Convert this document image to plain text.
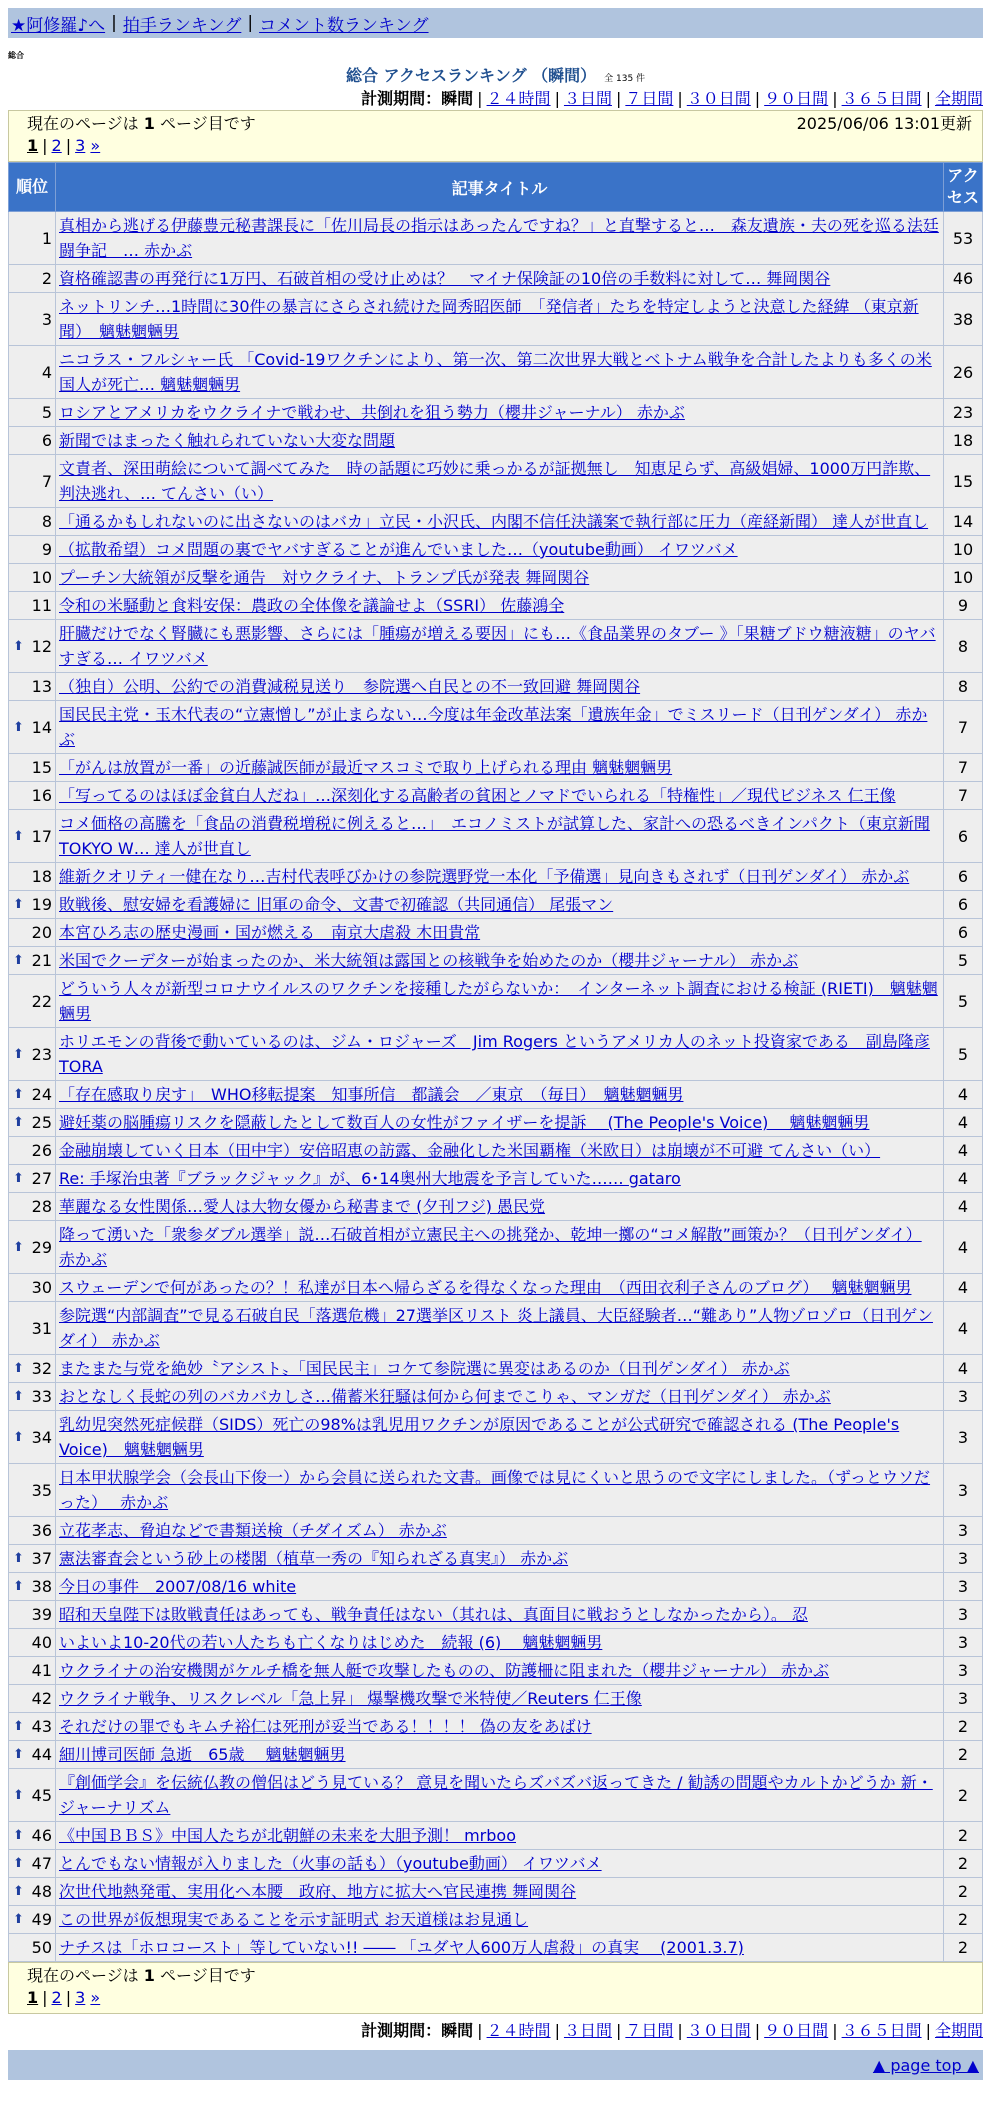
★阿修羅♪へ | 拍手ランキング | コメント数ランキング
総合
総合 アクセスランキング （瞬間） 全 135 件
計測期間：瞬間 | ２４時間 | ３日間 | ７日間 | ３０日間 | ９０日間 | ３６５日間 | 全期間
現在のページは 1 ページ目です	2025/06/06 13:01更新
1 | 2 | 3 »
順位	記事タイトル	アクセス
1	真相から逃げる伊藤豊元秘書課長に「佐川局長の指示はあったんですね？」と直撃すると…　森友遺族・夫の死を巡る法廷闘争記　… 赤かぶ	53
2	資格確認書の再発行に1万円、石破首相の受け止めは？　マイナ保険証の10倍の手数料に対して… 舞岡関谷	46
3	ネットリンチ…1時間に30件の暴言にさらされ続けた岡秀昭医師　「発信者」たちを特定しようと決意した経緯 （東京新聞）　魑魅魍魎男	38
4	ニコラス・フルシャー氏 「Covid-19ワクチンにより、第一次、第二次世界大戦とベトナム戦争を合計したよりも多くの米国人が死亡… 魑魅魍魎男	26
5	ロシアとアメリカをウクライナで戦わせ、共倒れを狙う勢力（櫻井ジャーナル） 赤かぶ	23
6	新聞ではまったく触れられていない大変な問題	18
7	文責者、深田萌絵について調べてみた　時の話題に巧妙に乗っかるが証拠無し　知恵足らず、高級娼婦、1000万円詐欺、判決逃れ、… てんさい（い）	15
8	「通るかもしれないのに出さないのはバカ」立民・小沢氏、内閣不信任決議案で執行部に圧力（産経新聞） 達人が世直し	14
9	（拡散希望）コメ問題の裏でヤバすぎることが進んでいました…（youtube動画） イワツバメ	10
10	プーチン大統領が反撃を通告　対ウクライナ、トランプ氏が発表 舞岡関谷	10
11	令和の米騒動と食料安保：農政の全体像を議論せよ（SSRI） 佐藤鴻全	9

⬆ 12	肝臓だけでなく腎臓にも悪影響、さらには「腫瘍が増える要因」にも…《食品業界のタブー 》「果糖ブドウ糖液糖」のヤバすぎる… イワツバメ	8
13	（独自）公明、公約での消費減税見送り　参院選へ自民との不一致回避 舞岡関谷	8

⬆ 14	国民民主党・玉木代表の“立憲憎し”が止まらない…今度は年金改革法案「遺族年金」でミスリード（日刊ゲンダイ） 赤かぶ	7
15	「がんは放置が一番」の近藤誠医師が最近マスコミで取り上げられる理由 魑魅魍魎男	7
16	「写ってるのはほぼ金貧白人だね」…深刻化する高齢者の貧困とノマドでいられる「特権性」／現代ビジネス 仁王像	7

⬆ 17	コメ価格の高騰を「食品の消費税増税に例えると…」　エコノミストが試算した、家計への恐るべきインパクト（東京新聞TOKYO W… 達人が世直し	6
18	維新クオリティ一健在なり…吉村代表呼びかけの参院選野党一本化「予備選」見向きもされず（日刊ゲンダイ） 赤かぶ	6

⬆ 19	敗戦後、慰安婦を看護婦に 旧軍の命令、文書で初確認（共同通信） 尾張マン	6
20	本宮ひろ志の歴史漫画・国が燃える　南京大虐殺 木田貴常	6

⬆ 21	米国でクーデターが始まったのか、米大統領は露国との核戦争を始めたのか（櫻井ジャーナル） 赤かぶ	5
22	どういう人々が新型コロナウイルスのワクチンを接種したがらないか：　インターネット調査における検証 (RIETI)　魑魅魍魎男	5

⬆ 23	ホリエモンの背後で動いているのは、ジム・ロジャーズ　Jim Rogers というアメリカ人のネット投資家である　副島隆彦 TORA	5

⬆ 24	「存在感取り戻す」　WHO移転提案　知事所信　都議会　／東京　（毎日）　魑魅魍魎男	4

⬆ 25	避妊薬の脳腫瘍リスクを隠蔽したとして数百人の女性がファイザーを提訴　 (The People's Voice)　 魑魅魍魎男	4
26	金融崩壊していく日本（田中宇）安倍昭恵の訪露、金融化した米国覇権（米欧日）は崩壊が不可避 てんさい（い）	4

⬆ 27	Re: 手塚治虫著『ブラックジャック』が、6･14奥州大地震を予言していた…… gataro	4
28	華麗なる女性関係…愛人は大物女優から秘書まで (夕刊フジ) 愚民党	4

⬆ 29	降って湧いた「衆参ダブル選挙」説…石破首相が立憲民主への挑発か、乾坤一擲の“コメ解散”画策か？（日刊ゲンダイ） 赤かぶ	4
30	スウェーデンで何があったの？！私達が日本へ帰らざるを得なくなった理由　（西田衣利子さんのブログ）　 魑魅魍魎男	4
31	参院選“内部調査”で見る石破自民「落選危機」27選挙区リスト 炎上議員、大臣経験者…“難あり”人物ゾロゾロ（日刊ゲンダイ） 赤かぶ	4

⬆ 32	またまた与党を絶妙〝アシスト〟「国民民主」コケて参院選に異変はあるのか（日刊ゲンダイ） 赤かぶ	4

⬆ 33	おとなしく長蛇の列のバカバカしさ…備蓄米狂騒は何から何までこりゃ、マンガだ（日刊ゲンダイ） 赤かぶ	3

⬆ 34	乳幼児突然死症候群（SIDS）死亡の98%は乳児用ワクチンが原因であることが公式研究で確認される (The People's Voice)　魑魅魍魎男	3
35	日本甲状腺学会（会長山下俊一）から会員に送られた文書。画像では見にくいと思うので文字にしました。（ずっとウソだった）　 赤かぶ	3
36	立花孝志、脅迫などで書類送検（チダイズム） 赤かぶ	3

⬆ 37	憲法審査会という砂上の楼閣（植草一秀の『知られざる真実』） 赤かぶ	3

⬆ 38	今日の事件　2007/08/16 white	3
39	昭和天皇陛下は敗戦責任はあっても、戦争責任はない（其れは、真面目に戦おうとしなかったから）。 忍	3
40	いよいよ10-20代の若い人たちも亡くなりはじめた　続報 (6)　 魑魅魍魎男	3
41	ウクライナの治安機関がケルチ橋を無人艇で攻撃したものの、防護柵に阻まれた（櫻井ジャーナル） 赤かぶ	3
42	ウクライナ戦争、リスクレベル「急上昇」 爆撃機攻撃で米特使／Reuters 仁王像	3

⬆ 43	それだけの罪でもキムチ裕仁は死刑が妥当である！！！！ 偽の友をあばけ	2

⬆ 44	細川博司医師 急逝　65歳　 魑魅魍魎男	2

⬆ 45	『創価学会』を伝統仏教の僧侶はどう見ている？ 意見を聞いたらズバズバ返ってきた / 勧誘の問題やカルトかどうか 新・ジャーナリズム	2

⬆ 46	《中国ＢＢＳ》中国人たちが北朝鮮の未来を大胆予測！ mrboo	2

⬆ 47	とんでもない情報が入りました（火事の話も）（youtube動画） イワツバメ	2

⬆ 48	次世代地熱発電、実用化へ本腰　政府、地方に拡大へ官民連携 舞岡関谷	2

⬆ 49	この世界が仮想現実であることを示す証明式 お天道様はお見通し	2
50	ナチスは「ホロコースト」等していない!! ―― 「ユダヤ人600万人虐殺」の真実　 (2001.3.7)	2
現在のページは 1 ページ目です
1 | 2 | 3 »
計測期間：瞬間 | ２４時間 | ３日間 | ７日間 | ３０日間 | ９０日間 | ３６５日間 | 全期間
▲ page top ▲
